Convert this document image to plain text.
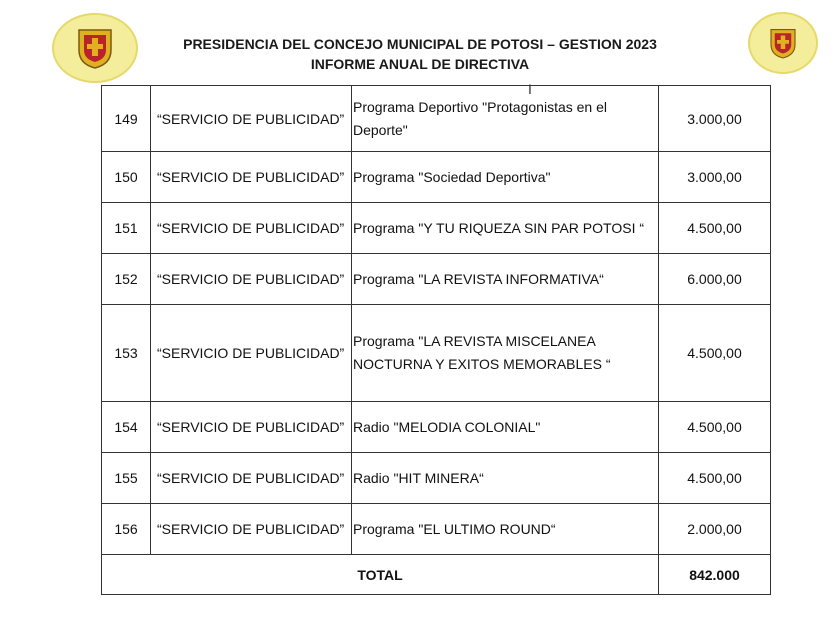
PRESIDENCIA DEL CONCEJO MUNICIPAL DE POTOSI – GESTION 2023
INFORME ANUAL DE DIRECTIVA
I
149	“SERVICIO DE PUBLICIDAD”	Programa Deportivo "Protagonistas en el Deporte"	3.000,00
150	“SERVICIO DE PUBLICIDAD”	Programa "Sociedad Deportiva"	3.000,00
151	“SERVICIO DE PUBLICIDAD”	Programa "Y TU RIQUEZA SIN PAR POTOSI “	4.500,00
152	“SERVICIO DE PUBLICIDAD”	Programa "LA REVISTA INFORMATIVA“	6.000,00
153	“SERVICIO DE PUBLICIDAD”	Programa "LA REVISTA MISCELANEA NOCTURNA Y EXITOS MEMORABLES “	4.500,00
154	“SERVICIO DE PUBLICIDAD”	Radio "MELODIA COLONIAL"	4.500,00
155	“SERVICIO DE PUBLICIDAD”	Radio "HIT MINERA“	4.500,00
156	“SERVICIO DE PUBLICIDAD”	Programa "EL ULTIMO ROUND“	2.000,00
TOTAL			842.000
